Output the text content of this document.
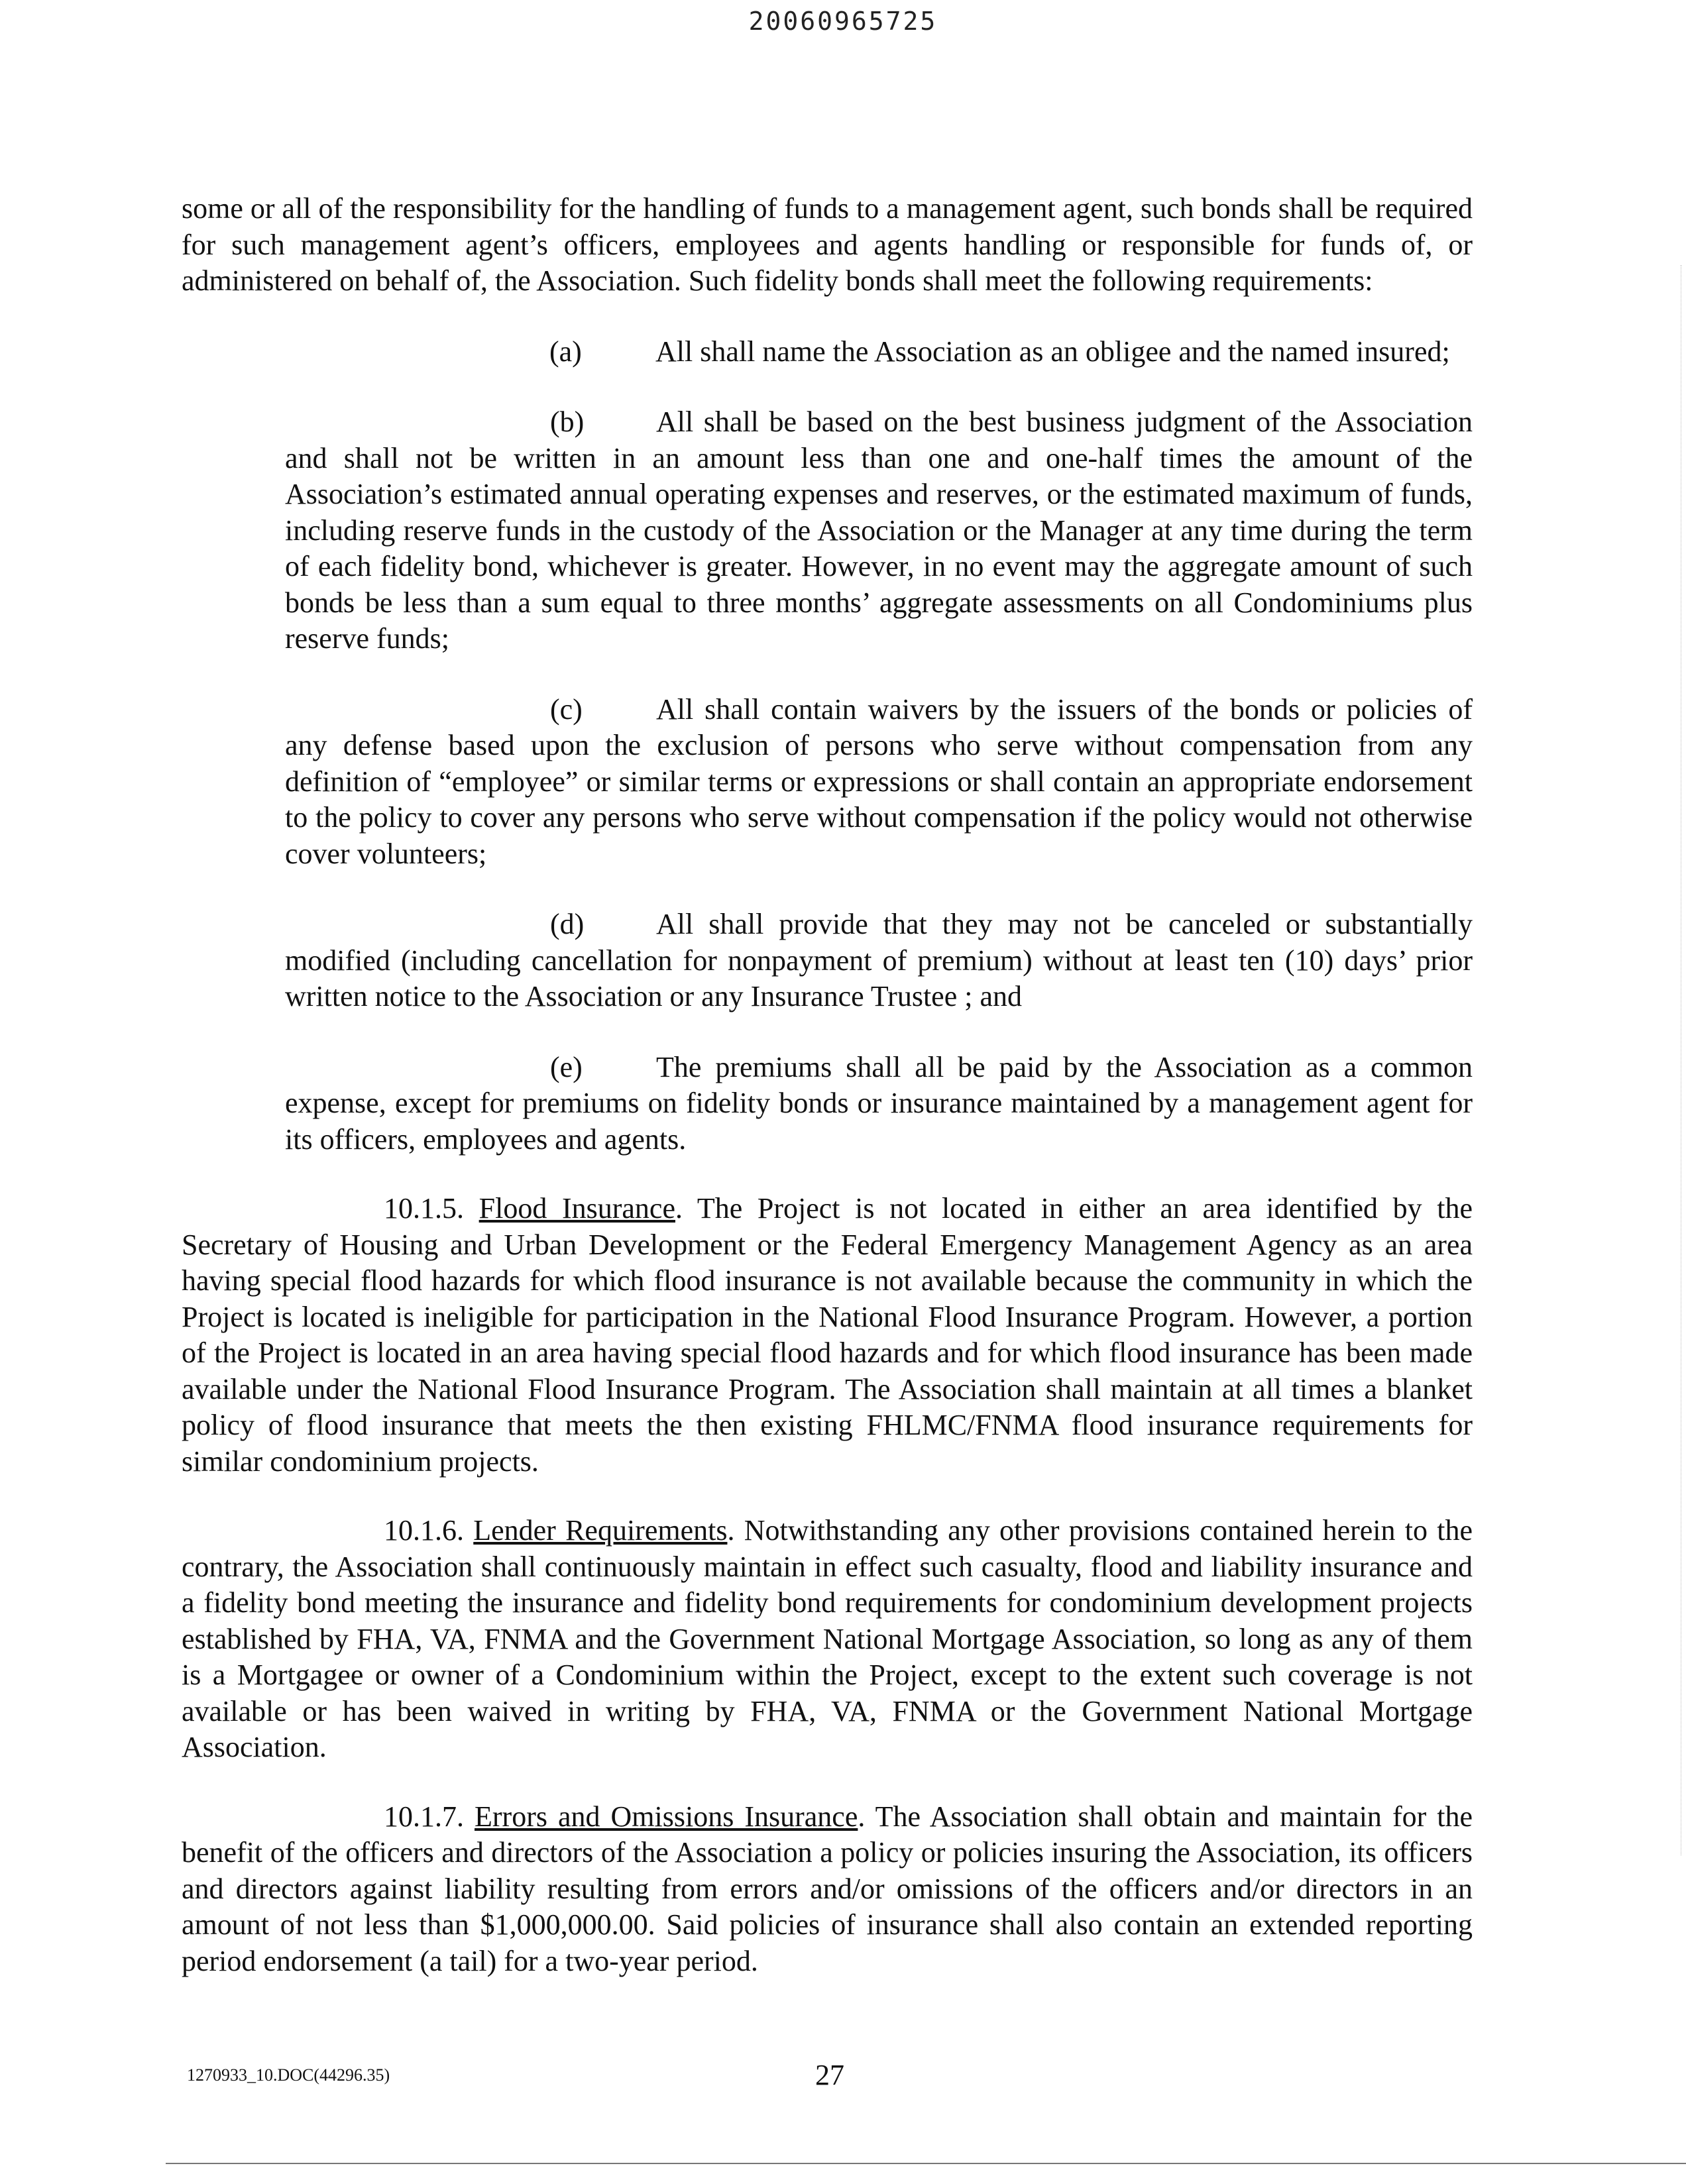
20060965725

some or all of the responsibility for the handling of funds to a management agent, such bonds shall be required for such management agent’s officers, employees and agents handling or responsible for funds of, or administered on behalf of, the Association. Such fidelity bonds shall meet the following requirements:

(a)	All shall name the Association as an obligee and the named insured;

(b) All shall be based on the best business judgment of the Association and shall not be written in an amount less than one and one-half times the amount of the Association’s estimated annual operating expenses and reserves, or the estimated maximum of funds, including reserve funds in the custody of the Association or the Manager at any time during the term of each fidelity bond, whichever is greater. However, in no event may the aggregate amount of such bonds be less than a sum equal to three months’ aggregate assessments on all Condominiums plus reserve funds;

(c)	All shall contain waivers by the issuers of the bonds or policies of any defense based upon the exclusion of persons who serve without compensation from any definition of “employee” or similar terms or expressions or shall contain an appropriate endorsement to the policy to cover any persons who serve without compensation if the policy would not otherwise cover volunteers;

(d) All shall provide that they may not be canceled or substantially modified (including cancellation for nonpayment of premium) without at least ten (10) days’ prior written notice to the Association or any Insurance Trustee ; and

(e)	The premiums shall all be paid by the Association as a common expense, except for premiums on fidelity bonds or insurance maintained by a management agent for its officers, employees and agents.

10.1.5. Flood Insurance. The Project is not located in either an area identified by the Secretary of Housing and Urban Development or the Federal Emergency Management Agency as an area having special flood hazards for which flood insurance is not available because the community in which the Project is located is ineligible for participation in the National Flood Insurance Program. However, a portion of the Project is located in an area having special flood hazards and for which flood insurance has been made available under the National Flood Insurance Program. The Association shall maintain at all times a blanket policy of flood insurance that meets the then existing FHLMC/FNMA flood insurance requirements for similar condominium projects.

10.1.6. Lender Requirements. Notwithstanding any other provisions contained herein to the contrary, the Association shall continuously maintain in effect such casualty, flood and liability insurance and a fidelity bond meeting the insurance and fidelity bond requirements for condominium development projects established by FHA, VA, FNMA and the Government National Mortgage Association, so long as any of them is a Mortgagee or owner of a Condominium within the Project, except to the extent such coverage is not available or has been waived in writing by FHA, VA, FNMA or the Government National Mortgage Association.

10.1.7. Errors and Omissions Insurance. The Association shall obtain and maintain for the benefit of the officers and directors of the Association a policy or policies insuring the Association, its officers and directors against liability resulting from errors and/or omissions of the officers and/or directors in an amount of not less than $1,000,000.00. Said policies of insurance shall also contain an extended reporting period endorsement (a tail) for a two-year period.

1270933_10.DOC(44296.35)	27
